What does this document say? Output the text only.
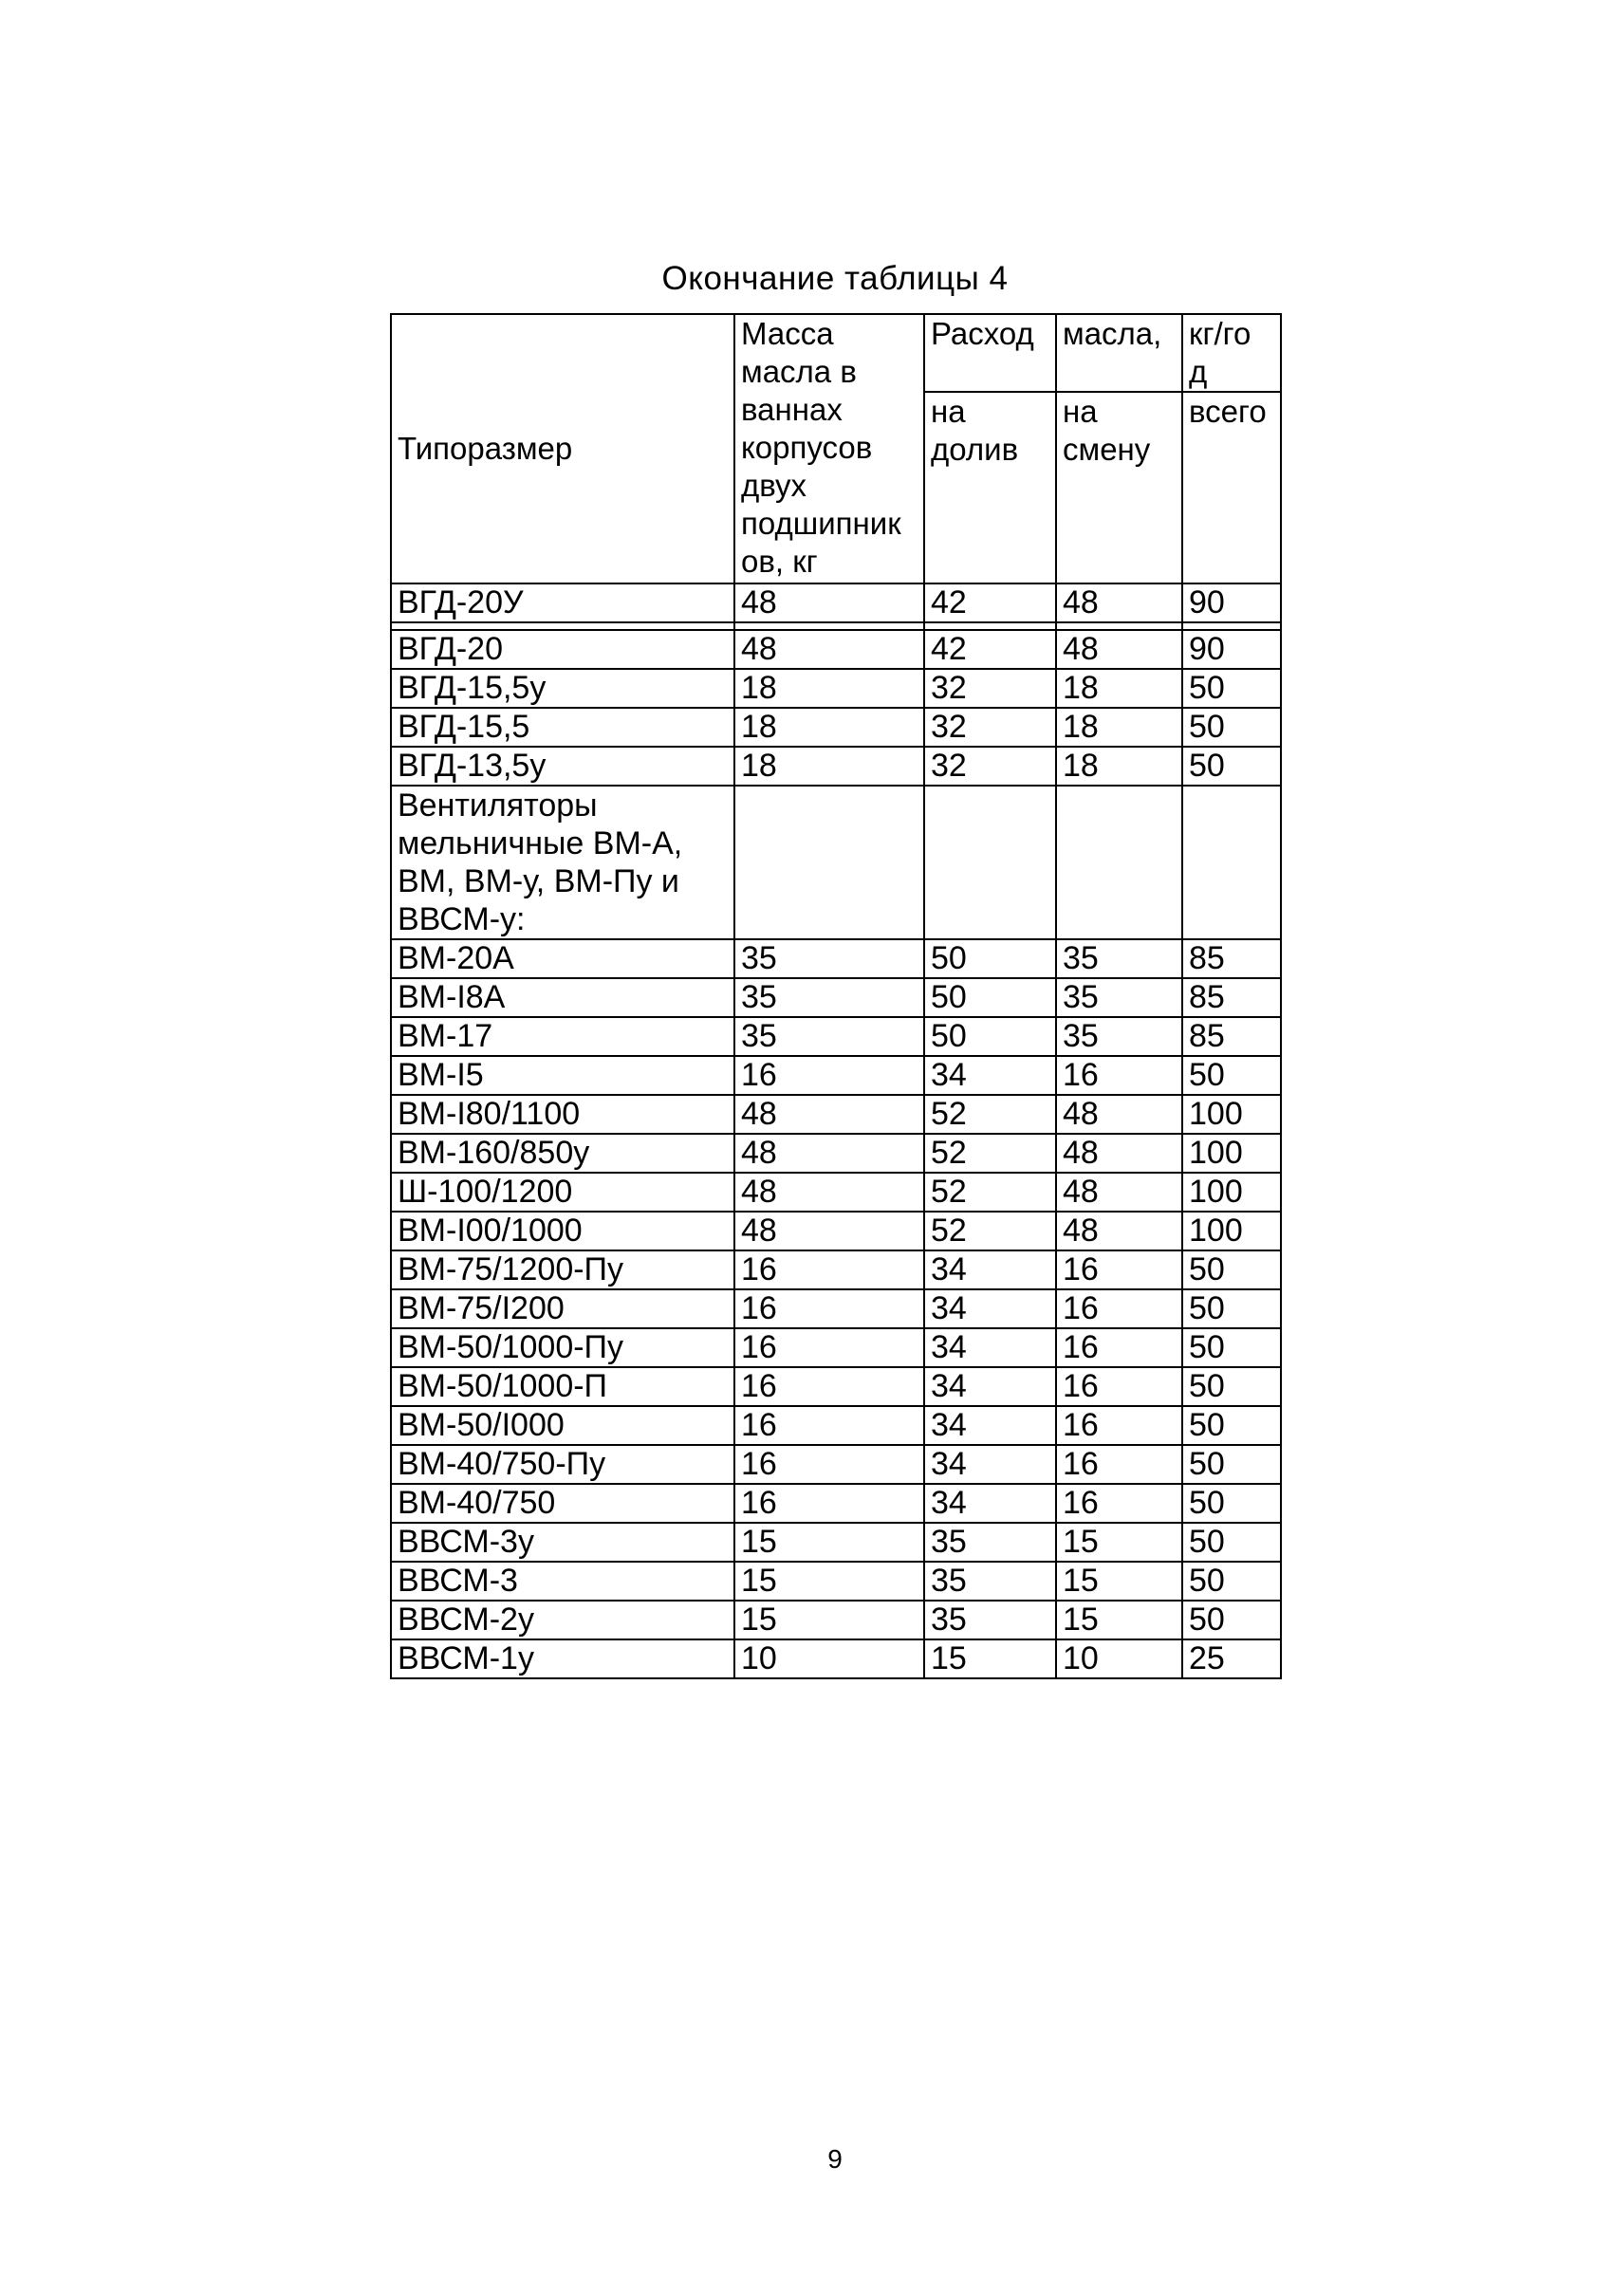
Окончание таблицы 4
Типоразмер	Масса масла в ваннах корпусов двух подшипник ов, кг	Расход	масла,	кг/го д
		на долив	на смену	всего
ВГД-20У	48	42	48	90

ВГД-20	48	42	48	90
ВГД-15,5у	18	32	18	50
ВГД-15,5	18	32	18	50
ВГД-13,5у	18	32	18	50
Вентиляторы мельничные ВМ-А, ВМ, ВМ-у, ВМ-Пу и ВВСМ-у:				
ВМ-20А	35	50	35	85
ВМ-I8А	35	50	35	85
ВМ-17	35	50	35	85
ВМ-I5	16	34	16	50
ВМ-I80/1100	48	52	48	100
ВМ-160/850у	48	52	48	100
Ш-100/1200	48	52	48	100
ВМ-I00/1000	48	52	48	100
ВМ-75/1200-Пу	16	34	16	50
ВМ-75/I200	16	34	16	50
ВМ-50/1000-Пу	16	34	16	50
ВМ-50/1000-П	16	34	16	50
ВМ-50/I000	16	34	16	50
ВМ-40/750-Пу	16	34	16	50
ВМ-40/750	16	34	16	50
ВВСМ-3у	15	35	15	50
ВВСМ-3	15	35	15	50
ВВСМ-2у	15	35	15	50
ВВСМ-1у	10	15	10	25
9
